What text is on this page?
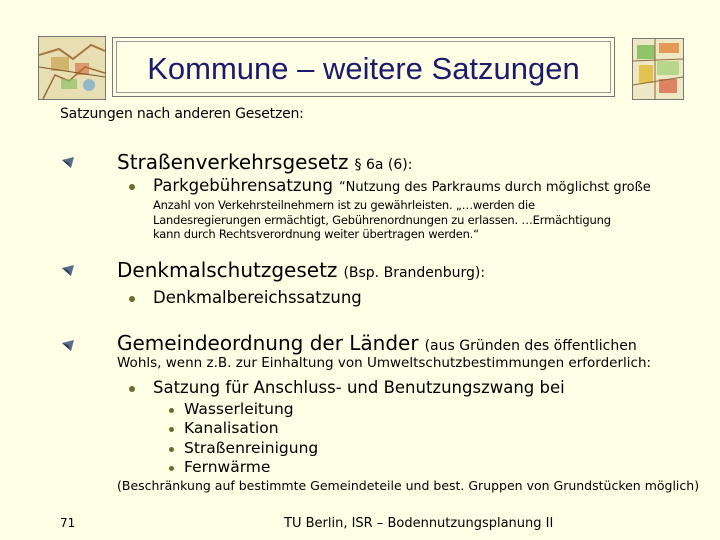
Kommune – weitere Satzungen
Satzungen nach anderen Gesetzen:
Straßenverkehrsgesetz § 6a (6):
Parkgebührensatzung “Nutzung des Parkraums durch möglichst große
Anzahl von Verkehrsteilnehmern ist zu gewährleisten. „…werden die
Landesregierungen ermächtigt, Gebührenordnungen zu erlassen. …Ermächtigung
kann durch Rechtsverordnung weiter übertragen werden.“
Denkmalschutzgesetz (Bsp. Brandenburg):
Denkmalbereichssatzung
Gemeindeordnung der Länder (aus Gründen des öffentlichen
Wohls, wenn z.B. zur Einhaltung von Umweltschutzbestimmungen erforderlich:
Satzung für Anschluss- und Benutzungszwang bei
Wasserleitung
Kanalisation
Straßenreinigung
Fernwärme
(Beschränkung auf bestimmte Gemeindeteile und best. Gruppen von Grundstücken möglich)
71	TU Berlin, ISR – Bodennutzungsplanung II
